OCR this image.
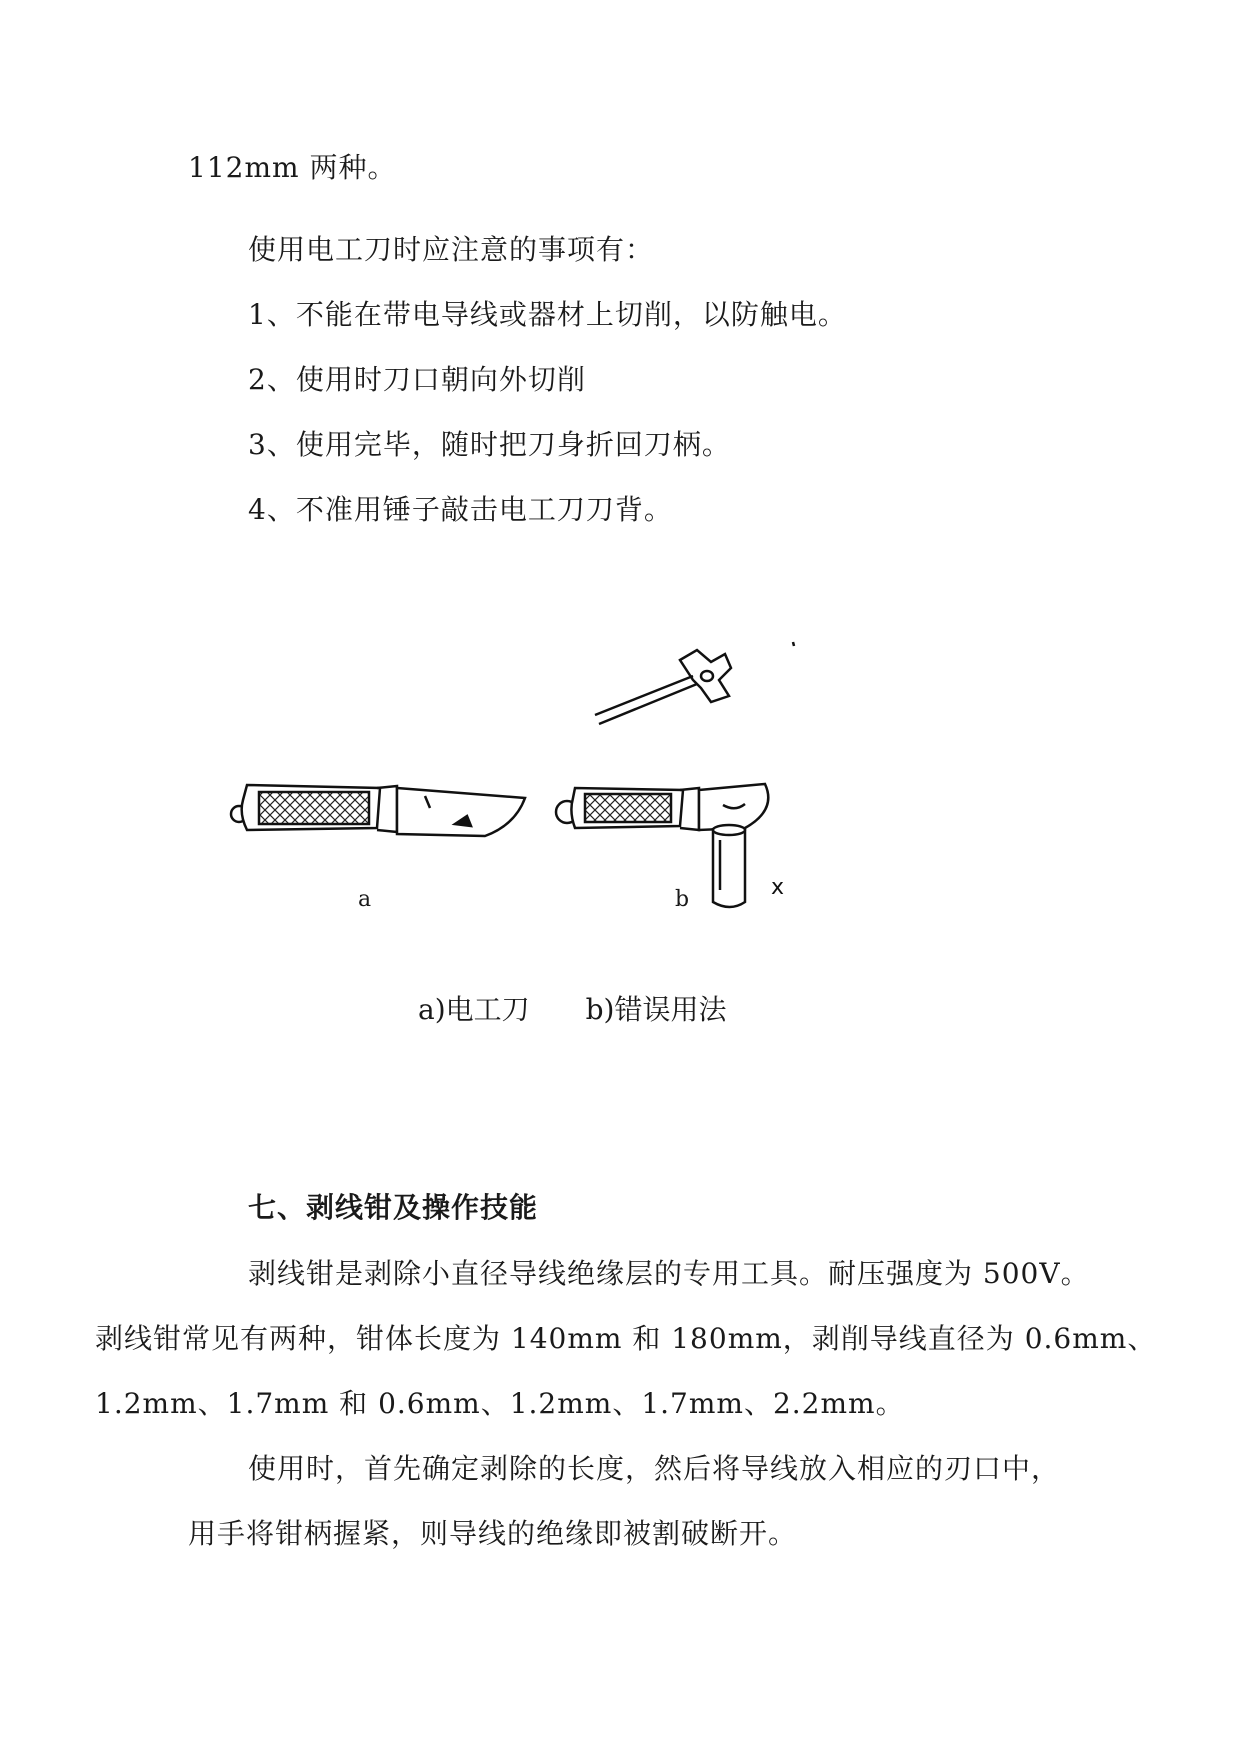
112mm 两种。
使用电工刀时应注意的事项有：
1、不能在带电导线或器材上切削，以防触电。
2、使用时刀口朝向外切削
3、使用完毕，随时把刀身折回刀柄。
4、不准用锤子敲击电工刀刀背。
x
a	b
a)电工刀　　b)错误用法
七、剥线钳及操作技能
剥线钳是剥除小直径导线绝缘层的专用工具。耐压强度为 500V。
剥线钳常见有两种，钳体长度为 140mm 和 180mm，剥削导线直径为 0.6mm、
1.2mm、1.7mm 和 0.6mm、1.2mm、1.7mm、2.2mm。
使用时，首先确定剥除的长度，然后将导线放入相应的刃口中，
用手将钳柄握紧，则导线的绝缘即被割破断开。
